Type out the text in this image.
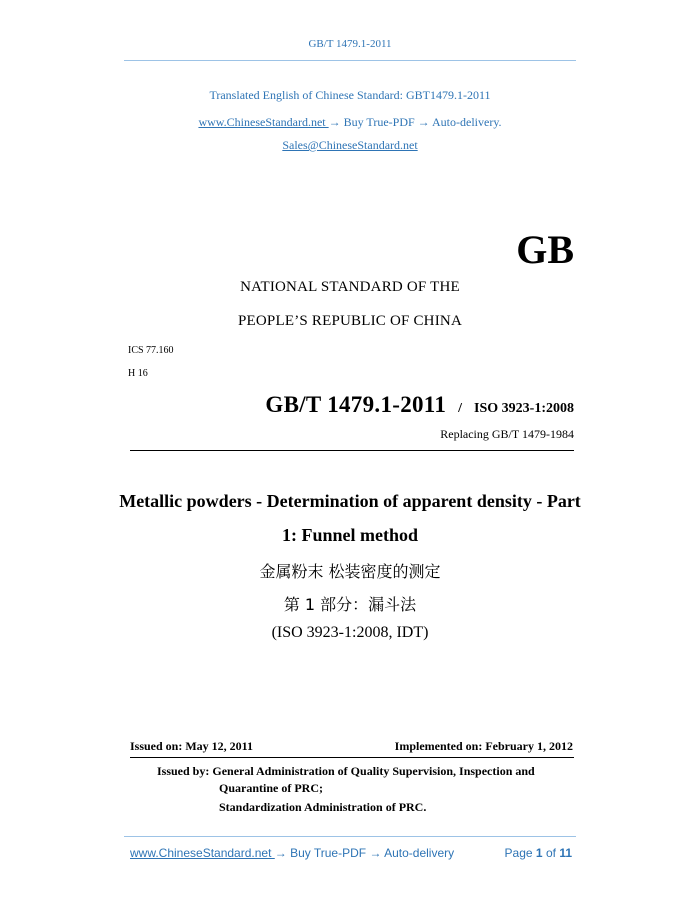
GB/T 1479.1-2011
Translated English of Chinese Standard: GBT1479.1-2011
www.ChineseStandard.net → Buy True-PDF → Auto-delivery.
Sales@ChineseStandard.net
GB
NATIONAL STANDARD OF THE
PEOPLE’S REPUBLIC OF CHINA
ICS 77.160
H 16
GB/T 1479.1-2011 / ISO 3923-1:2008
Replacing GB/T 1479-1984
Metallic powders - Determination of apparent density - Part
1: Funnel method
金属粉末 松装密度的测定
第 1 部分：漏斗法
(ISO 3923-1:2008, IDT)
Issued on: May 12, 2011	Implemented on: February 1, 2012
Issued by: General Administration of Quality Supervision, Inspection and
Quarantine of PRC;
Standardization Administration of PRC.
www.ChineseStandard.net → Buy True-PDF → Auto-delivery	Page 1 of 11
